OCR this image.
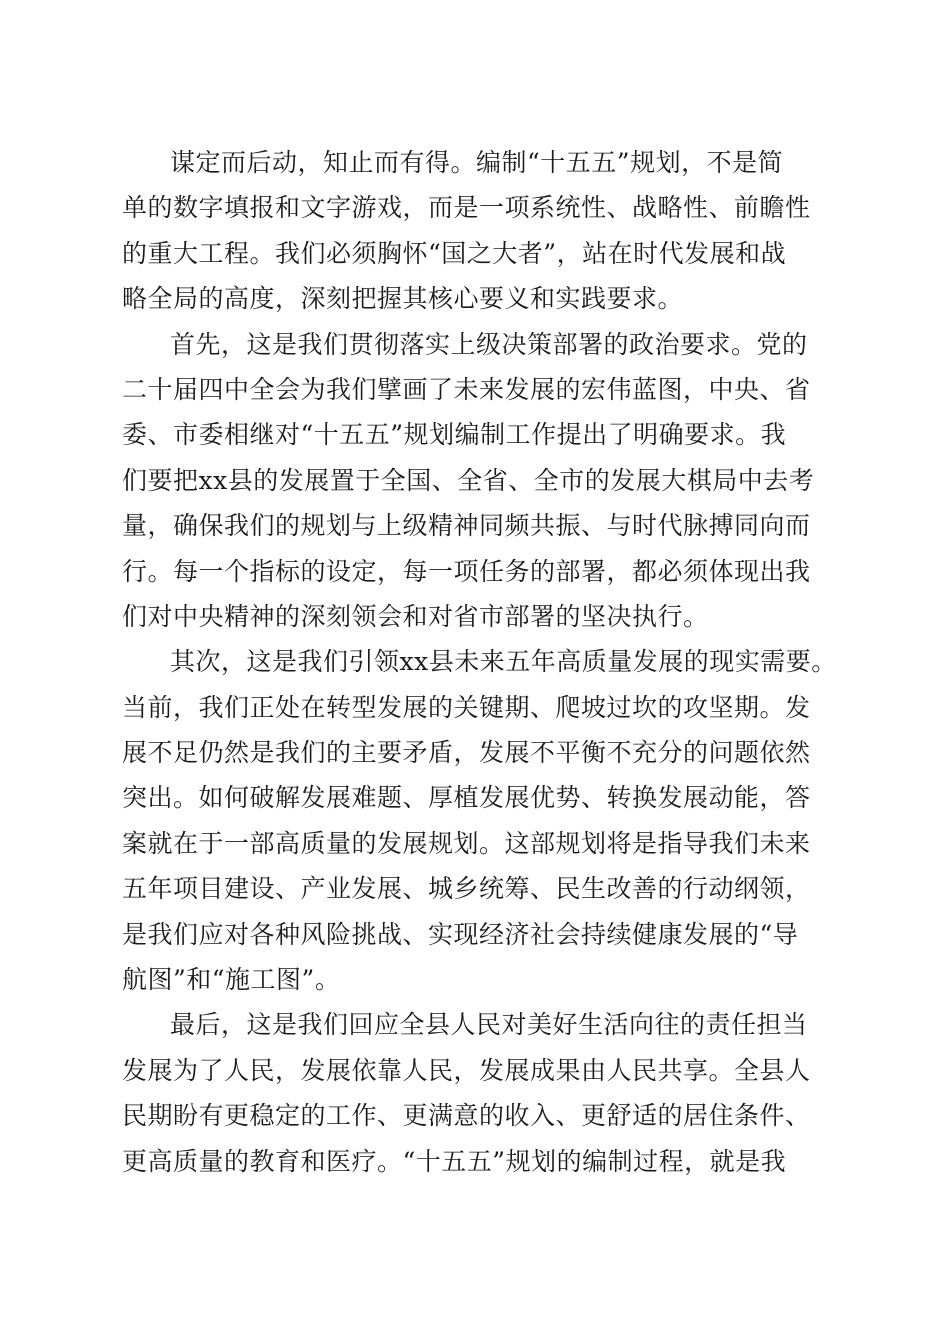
谋定而后动，知止而有得。编制“十五五”规划，不是简
单的数字填报和文字游戏，而是一项系统性、战略性、前瞻性
的重大工程。我们必须胸怀“国之大者”，站在时代发展和战
略全局的高度，深刻把握其核心要义和实践要求。
首先，这是我们贯彻落实上级决策部署的政治要求。党的
二十届四中全会为我们擘画了未来发展的宏伟蓝图，中央、省
委、市委相继对“十五五”规划编制工作提出了明确要求。我
们要把xx县的发展置于全国、全省、全市的发展大棋局中去考
量，确保我们的规划与上级精神同频共振、与时代脉搏同向而
行。每一个指标的设定，每一项任务的部署，都必须体现出我
们对中央精神的深刻领会和对省市部署的坚决执行。
其次，这是我们引领xx县未来五年高质量发展的现实需要。
当前，我们正处在转型发展的关键期、爬坡过坎的攻坚期。发
展不足仍然是我们的主要矛盾，发展不平衡不充分的问题依然
突出。如何破解发展难题、厚植发展优势、转换发展动能，答
案就在于一部高质量的发展规划。这部规划将是指导我们未来
五年项目建设、产业发展、城乡统筹、民生改善的行动纲领，
是我们应对各种风险挑战、实现经济社会持续健康发展的“导
航图”和“施工图”。
最后，这是我们回应全县人民对美好生活向往的责任担当
发展为了人民，发展依靠人民，发展成果由人民共享。全县人
民期盼有更稳定的工作、更满意的收入、更舒适的居住条件、
更高质量的教育和医疗。“十五五”规划的编制过程，就是我
